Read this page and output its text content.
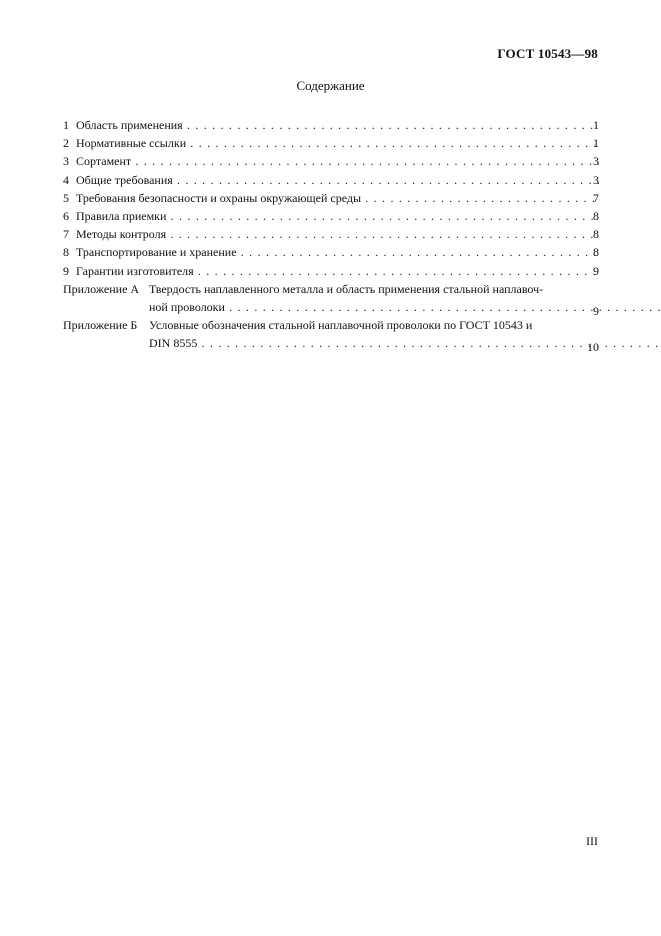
ГОСТ 10543—98
Содержание
1 Область применения . . .	1
2 Нормативные ссылки . . .	1
3 Сортамент . . .	3
4 Общие требования . . .	3
5 Требования безопасности и охраны окружающей среды . . .	7
6 Правила приемки . . .	8
7 Методы контроля . . .	8
8 Транспортирование и хранение . . .	8
9 Гарантии изготовителя . . .	9
Приложение А Твердость наплавленного металла и область применения стальной наплавоч-
ной проволоки . . .	9
Приложение Б Условные обозначения стальной наплавочной проволоки по ГОСТ 10543 и
DIN 8555 . . .	10
III
